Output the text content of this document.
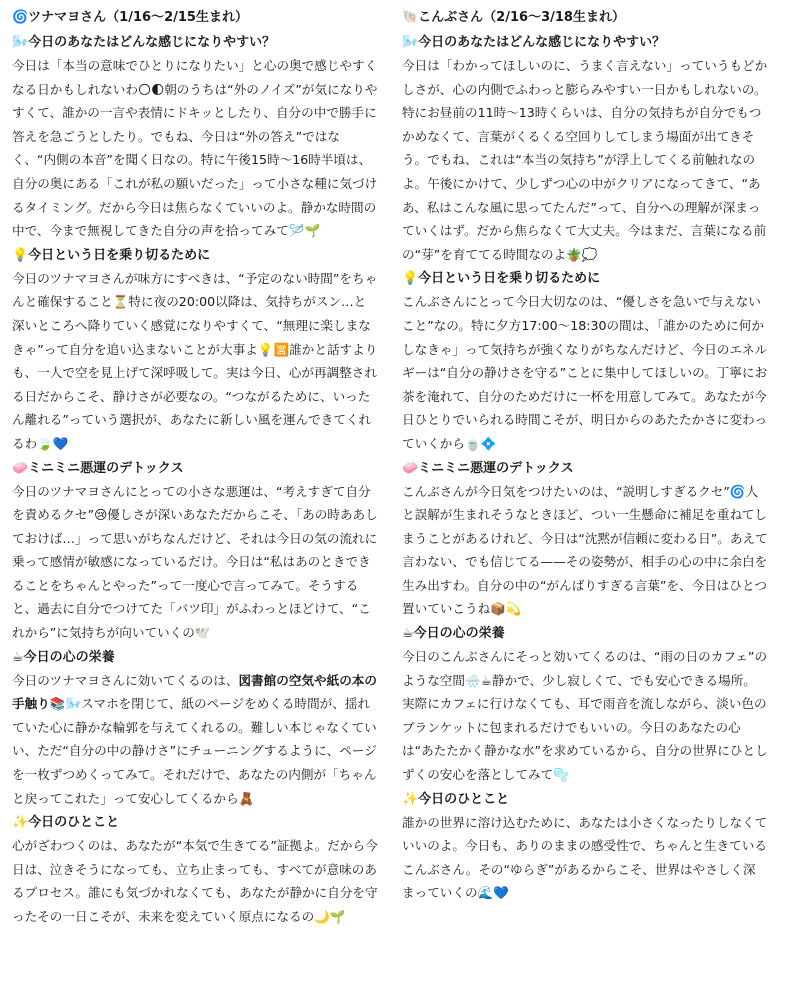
🌀ツナマヨさん（1/16〜2/15生まれ）
🌬️今日のあなたはどんな感じになりやすい？
今日は「本当の意味でひとりになりたい」と心の奥で感じやすくなる日かもしれないわ🌕🌓朝のうちは“外のノイズ”が気になりやすくて、誰かの一言や表情にドキッとしたり、自分の中で勝手に答えを急ごうとしたり。でもね、今日は“外の答え”ではなく、“内側の本音”を聞く日なの。特に午後15時〜16時半頃は、自分の奥にある「これが私の願いだった」って小さな種に気づけるタイミング。だから今日は焦らなくていいのよ。静かな時間の中で、今まで無視してきた自分の声を拾ってみて🪡🌱
💡今日という日を乗り切るために
今日のツナマヨさんが味方にすべきは、“予定のない時間”をちゃんと確保すること⏳特に夜の20:00以降は、気持ちがスン…と深いところへ降りていく感覚になりやすくて、“無理に楽しまなきゃ”って自分を追い込まないことが大事よ💡🈺誰かと話すよりも、一人で空を見上げて深呼吸して。実は今日、心が再調整される日だからこそ、静けさが必要なの。“つながるために、いったん離れる”っていう選択が、あなたに新しい風を運んできてくれるわ🍃💙
🧼ミニミニ悪運のデトックス
今日のツナマヨさんにとっての小さな悪運は、“考えすぎて自分を責めるクセ”😢優しさが深いあなただからこそ、「あの時ああしておけば…」って思いがちなんだけど、それは今日の気の流れに乗って感情が敏感になっているだけ。今日は“私はあのときできることをちゃんとやった”って一度心で言ってみて。そうすると、過去に自分でつけてた「バツ印」がふわっとほどけて、“これから”に気持ちが向いていくの🕊️
☕今日の心の栄養
今日のツナマヨさんに効いてくるのは、図書館の空気や紙の本の手触り📚🌬️スマホを閉じて、紙のページをめくる時間が、揺れていた心に静かな輪郭を与えてくれるの。難しい本じゃなくていい、ただ“自分の中の静けさ”にチューニングするように、ページを一枚ずつめくってみて。それだけで、あなたの内側が「ちゃんと戻ってこれた」って安心してくるから🧸
✨今日のひとこと
心がざわつくのは、あなたが“本気で生きてる”証拠よ。だから今日は、泣きそうになっても、立ち止まっても、すべてが意味のあるプロセス。誰にも気づかれなくても、あなたが静かに自分を守ったその一日こそが、未来を変えていく原点になるの🌙🌱
🐚こんぶさん（2/16〜3/18生まれ）
🌬️今日のあなたはどんな感じになりやすい？
今日は「わかってほしいのに、うまく言えない」っていうもどかしさが、心の内側でふわっと膨らみやすい一日かもしれないの。特にお昼前の11時〜13時くらいは、自分の気持ちが自分でもつかめなくて、言葉がくるくる空回りしてしまう場面が出てきそう。でもね、これは“本当の気持ち”が浮上してくる前触れなのよ。午後にかけて、少しずつ心の中がクリアになってきて、“ああ、私はこんな風に思ってたんだ”って、自分への理解が深まっていくはず。だから焦らなくて大丈夫。今はまだ、言葉になる前の“芽”を育ててる時間なのよ🪴💭
💡今日という日を乗り切るために
こんぶさんにとって今日大切なのは、“優しさを急いで与えないこと”なの。特に夕方17:00〜18:30の間は、「誰かのために何かしなきゃ」って気持ちが強くなりがちなんだけど、今日のエネルギーは“自分の静けさを守る”ことに集中してほしいの。丁寧にお茶を淹れて、自分のためだけに一杯を用意してみて。あなたが今日ひとりでいられる時間こそが、明日からのあたたかさに変わっていくから🍵💠
🧼ミニミニ悪運のデトックス
こんぶさんが今日気をつけたいのは、“説明しすぎるクセ”🌀人と誤解が生まれそうなときほど、つい一生懸命に補足を重ねてしまうことがあるけれど、今日は“沈黙が信頼に変わる日”。あえて言わない、でも信じてる——その姿勢が、相手の心の中に余白を生み出すわ。自分の中の“がんばりすぎる言葉”を、今日はひとつ置いていこうね📦💫
☕今日の心の栄養
今日のこんぶさんにそっと効いてくるのは、“雨の日のカフェ”のような空間🌧️☕静かで、少し寂しくて、でも安心できる場所。実際にカフェに行けなくても、耳で雨音を流しながら、淡い色のブランケットに包まれるだけでもいいの。今日のあなたの心は“あたたかく静かな水”を求めているから、自分の世界にひとしずくの安心を落としてみて🫧
✨今日のひとこと
誰かの世界に溶け込むために、あなたは小さくなったりしなくていいのよ。今日も、ありのままの感受性で、ちゃんと生きているこんぶさん。その“ゆらぎ”があるからこそ、世界はやさしく深まっていくの🌊💙
